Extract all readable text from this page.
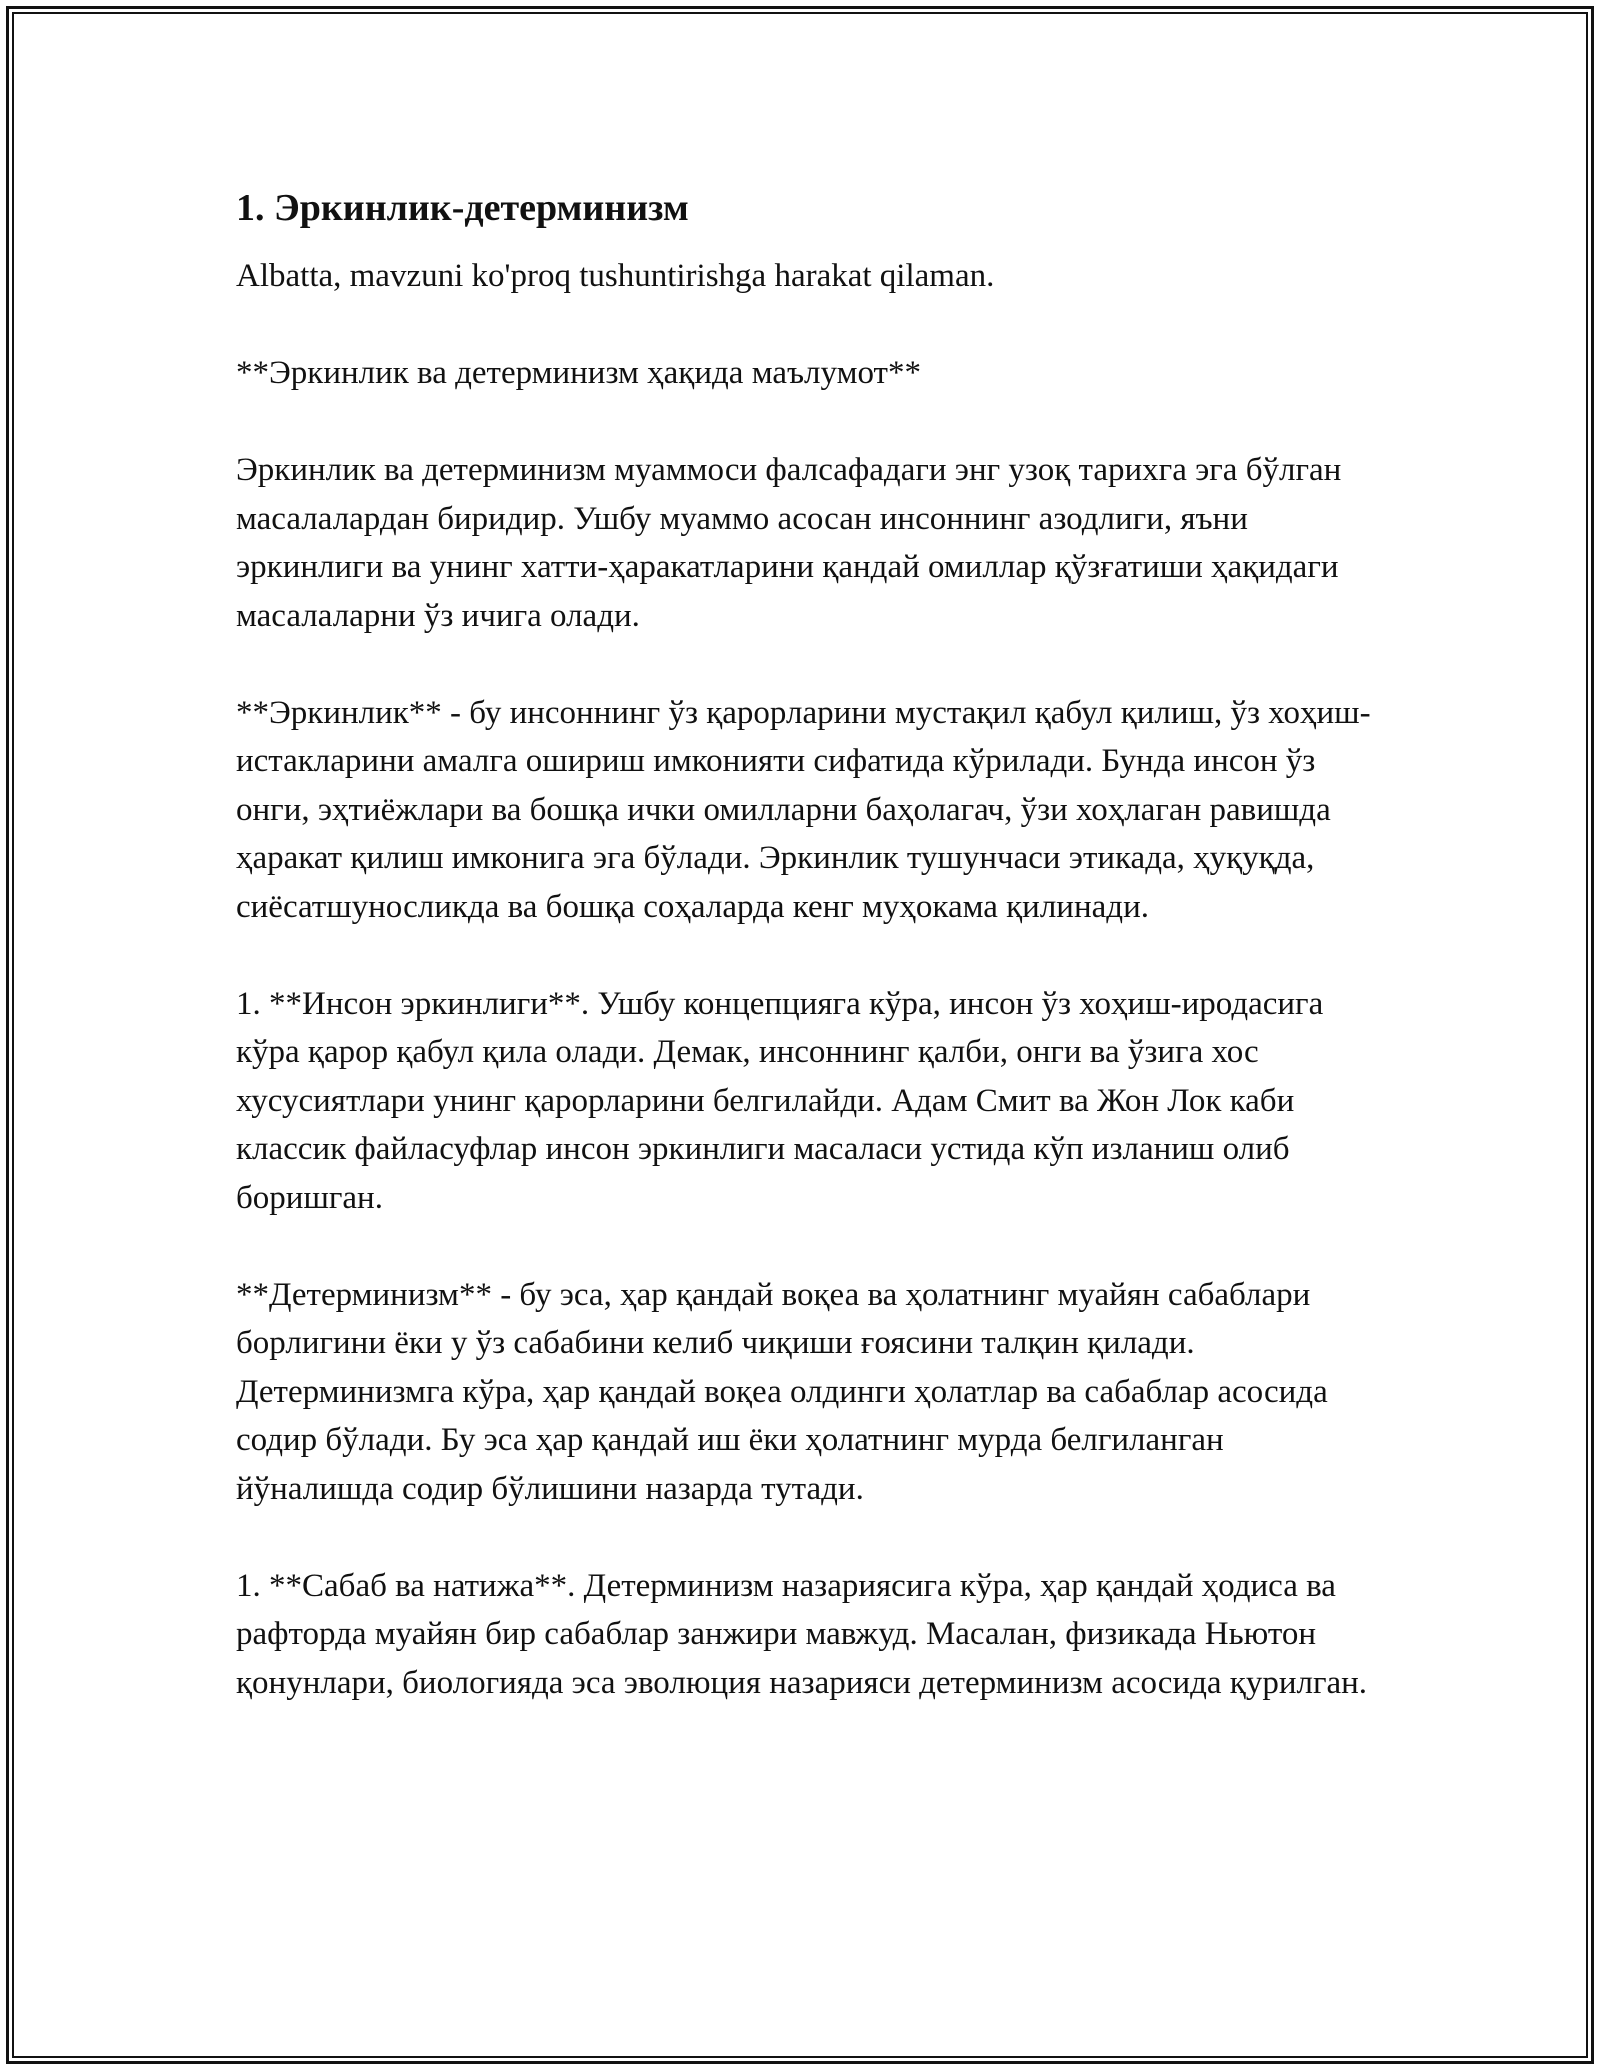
1. Эркинлик-детерминизм

Albatta, mavzuni ko'proq tushuntirishga harakat qilaman.

**Эркинлик ва детерминизм ҳақида маълумот**

Эркинлик ва детерминизм муаммоси фалсафадаги энг узоқ тарихга эга бўлган масалалардан биридир. Ушбу муаммо асосан инсоннинг азодлиги, яъни эркинлиги ва унинг хатти-ҳаракатларини қандай омиллар қўзғатиши ҳақидаги масалаларни ўз ичига олади.

**Эркинлик** - бу инсоннинг ўз қарорларини мустақил қабул қилиш, ўз хоҳиш-истакларини амалга ошириш имконияти сифатида кўрилади. Бунда инсон ўз онги, эҳтиёжлари ва бошқа ички омилларни баҳолагач, ўзи хоҳлаган равишда ҳаракат қилиш имконига эга бўлади. Эркинлик тушунчаси этикада, ҳуқуқда, сиёсатшуносликда ва бошқа соҳаларда кенг муҳокама қилинади.

1. **Инсон эркинлиги**. Ушбу концепцияга кўра, инсон ўз хоҳиш-иродасига кўра қарор қабул қила олади. Демак, инсоннинг қалби, онги ва ўзига хос хусусиятлари унинг қарорларини белгилайди. Адам Смит ва Жон Лок каби классик файласуфлар инсон эркинлиги масаласи устида кўп изланиш олиб боришган.

**Детерминизм** - бу эса, ҳар қандай воқеа ва ҳолатнинг муайян сабаблари борлигини ёки у ўз сабабини келиб чиқиши ғоясини талқин қилади. Детерминизмга кўра, ҳар қандай воқеа олдинги ҳолатлар ва сабаблар асосида содир бўлади. Бу эса ҳар қандай иш ёки ҳолатнинг мурда белгиланган йўналишда содир бўлишини назарда тутади.

1. **Сабаб ва натижа**. Детерминизм назариясига кўра, ҳар қандай ҳодиса ва рафторда муайян бир сабаблар занжири мавжуд. Масалан, физикада Ньютон қонунлари, биологияда эса эволюция назарияси детерминизм асосида қурилган.
